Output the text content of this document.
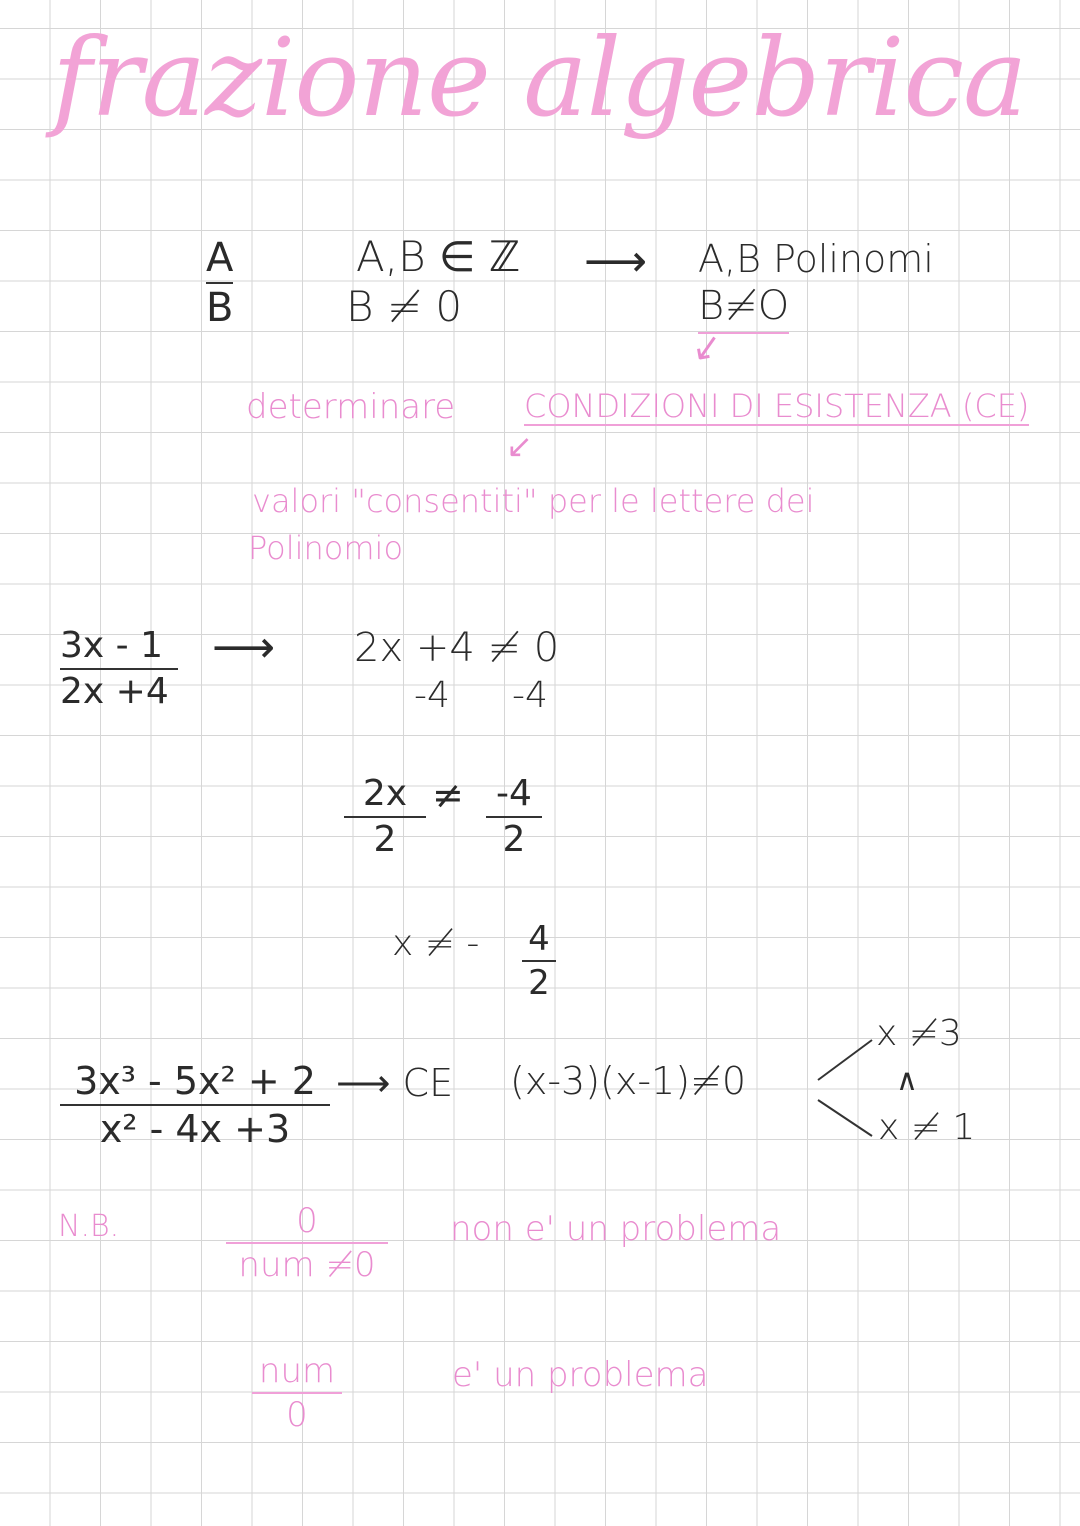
frazione algebrica
A
B
A,B ∈ ℤ
B ≠ 0
⟶ A,B Polinomi
B≠O
↙
determinare CONDIZIONI DI ESISTENZA (CE)
↙
valori "consentiti" per le lettere dei
Polinomio
3x - 1
2x +4
⟶ 2x +4 ≠ 0
-4 -4
2x
2
≠ -4
2
x ≠ - 4
2
3x³ - 5x² + 2
x² - 4x +3
⟶ CE (x-3)(x-1)≠0
x ≠3
∧
x ≠ 1
N.B.	0
num ≠0
non e' un problema
num
0
e' un problema
